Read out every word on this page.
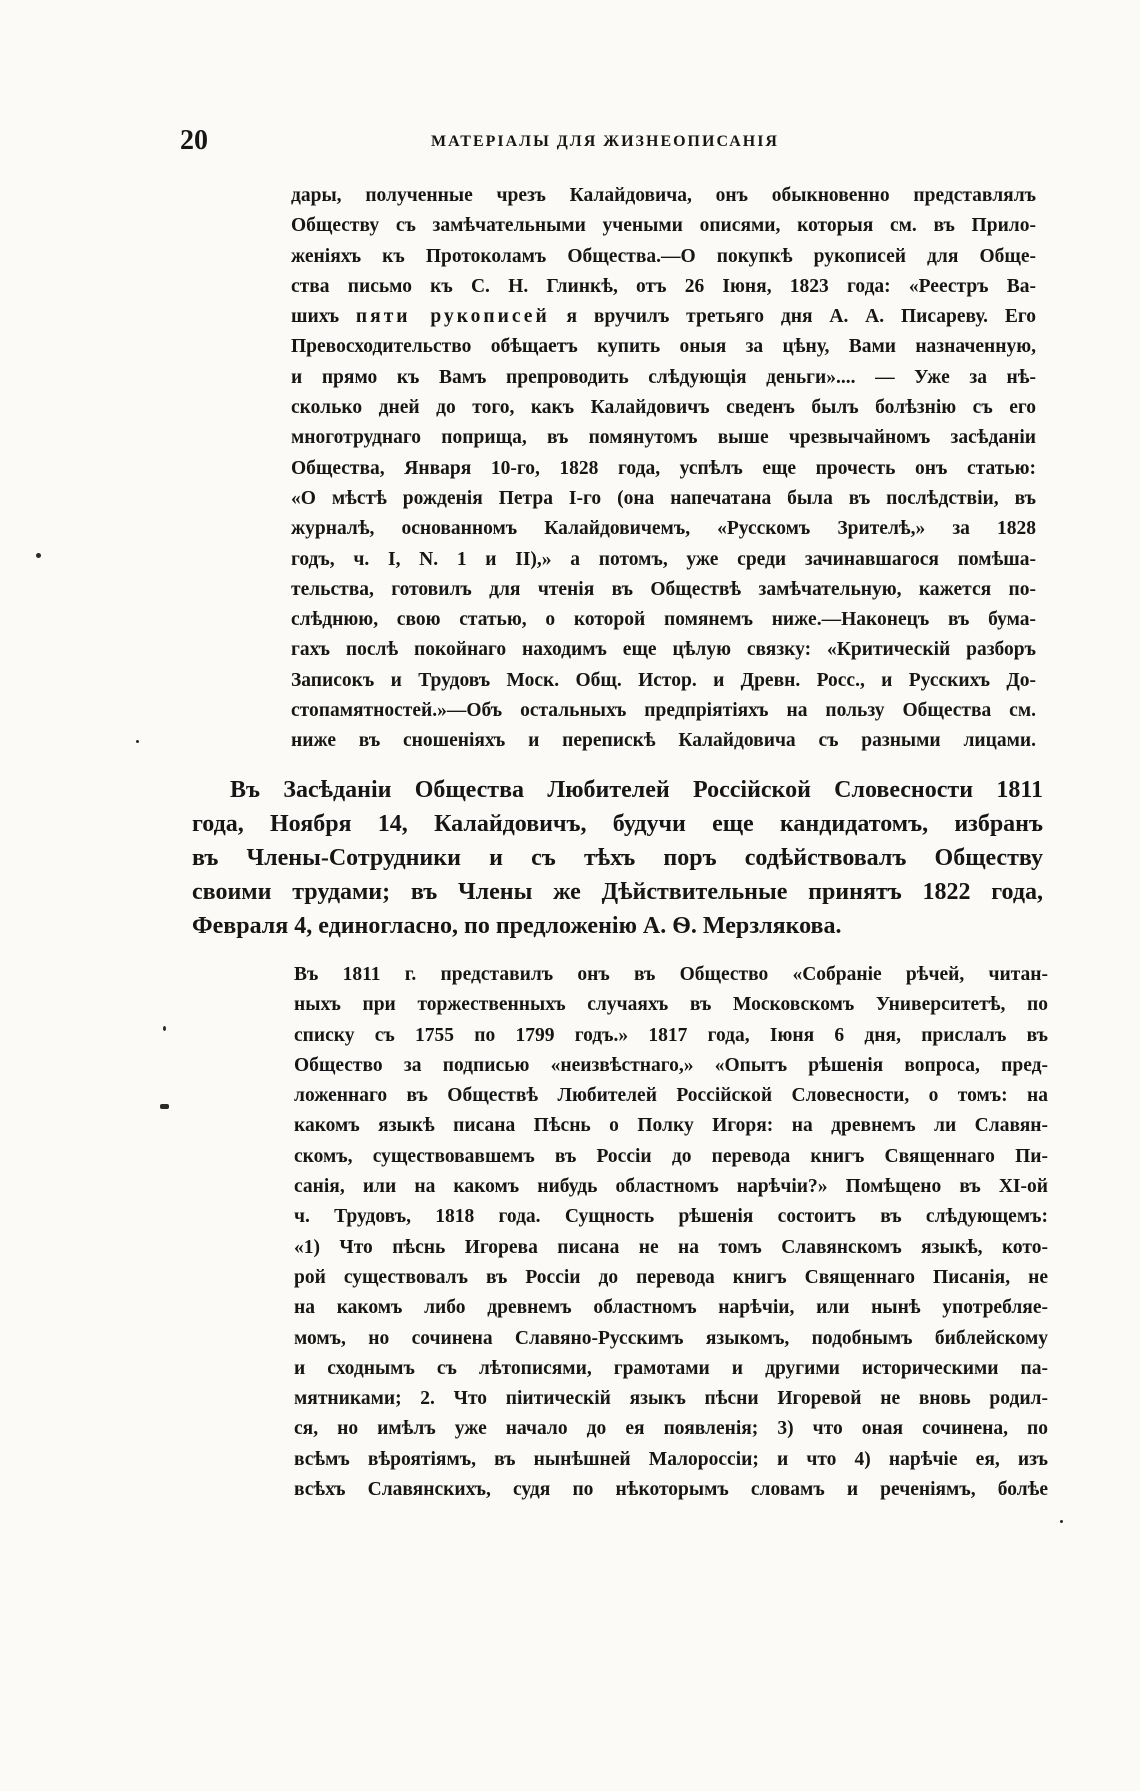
20	МАТЕРІАЛЫ ДЛЯ ЖИЗНЕОПИСАНІЯ
дары, полученные чрезъ Калайдовича, онъ обыкновенно представлялъ
Обществу съ замѣчательными учеными описями, которыя см. въ Прило-
женіяхъ къ Протоколамъ Общества.—О покупкѣ рукописей для Обще-
ства письмо къ С. Н. Глинкѣ, отъ 26 Іюня, 1823 года: «Реестръ Ва-
шихъ пяти рукописей я вручилъ третьяго дня А. А. Писареву. Его
Превосходительство обѣщаетъ купить оныя за цѣну, Вами назначенную,
и прямо къ Вамъ препроводить слѣдующія деньги».... — Уже за нѣ-
сколько дней до того, какъ Калайдовичъ сведенъ былъ болѣзнію съ его
многотруднаго поприща, въ помянутомъ выше чрезвычайномъ засѣданіи
Общества, Января 10-го, 1828 года, успѣлъ еще прочесть онъ статью:
«О мѣстѣ рожденія Петра I-го (она напечатана была въ послѣдствіи, въ
журналѣ, основанномъ Калайдовичемъ, «Русскомъ Зрителѣ,» за 1828
годъ, ч. I, N. 1 и II),» а потомъ, уже среди зачинавшагося помѣша-
тельства, готовилъ для чтенія въ Обществѣ замѣчательную, кажется по-
слѣднюю, свою статью, о которой помянемъ ниже.—Наконецъ въ бума-
гахъ послѣ покойнаго находимъ еще цѣлую связку: «Критическій разборъ
Записокъ и Трудовъ Моск. Общ. Истор. и Древн. Росс., и Русскихъ До-
стопамятностей.»—Объ остальныхъ предпріятіяхъ на пользу Общества см.
ниже въ сношеніяхъ и перепискѣ Калайдовича съ разными лицами.
Въ Засѣданіи Общества Любителей Россійской Словесности 1811
года, Ноября 14, Калайдовичъ, будучи еще кандидатомъ, избранъ
въ Члены-Сотрудники и съ тѣхъ поръ содѣйствовалъ Обществу
своими трудами; въ Члены же Дѣйствительные принятъ 1822 года,
Февраля 4, единогласно, по предложенію А. Ѳ. Мерзлякова.
Въ 1811 г. представилъ онъ въ Общество «Собраніе рѣчей, читан-
ныхъ при торжественныхъ случаяхъ въ Московскомъ Университетѣ, по
списку съ 1755 по 1799 годъ.» 1817 года, Іюня 6 дня, прислалъ въ
Общество за подписью «неизвѣстнаго,» «Опытъ рѣшенія вопроса, пред-
ложеннаго въ Обществѣ Любителей Россійской Словесности, о томъ: на
какомъ языкѣ писана Пѣснь о Полку Игоря: на древнемъ ли Славян-
скомъ, существовавшемъ въ Россіи до перевода книгъ Священнаго Пи-
санія, или на какомъ нибудь областномъ нарѣчіи?» Помѣщено въ XI-ой
ч. Трудовъ, 1818 года. Сущность рѣшенія состоитъ въ слѣдующемъ:
«1) Что пѣснь Игорева писана не на томъ Славянскомъ языкѣ, кото-
рой существовалъ въ Россіи до перевода книгъ Священнаго Писанія, не
на какомъ либо древнемъ областномъ нарѣчіи, или нынѣ употребляе-
момъ, но сочинена Славяно-Русскимъ языкомъ, подобнымъ библейскому
и сходнымъ съ лѣтописями, грамотами и другими историческими па-
мятниками; 2. Что піитическій языкъ пѣсни Игоревой не вновь родил-
ся, но имѣлъ уже начало до ея появленія; 3) что оная сочинена, по
всѣмъ вѣроятіямъ, въ нынѣшней Малороссіи; и что 4) нарѣчіе ея, изъ
всѣхъ Славянскихъ, судя по нѣкоторымъ словамъ и реченіямъ, болѣе
